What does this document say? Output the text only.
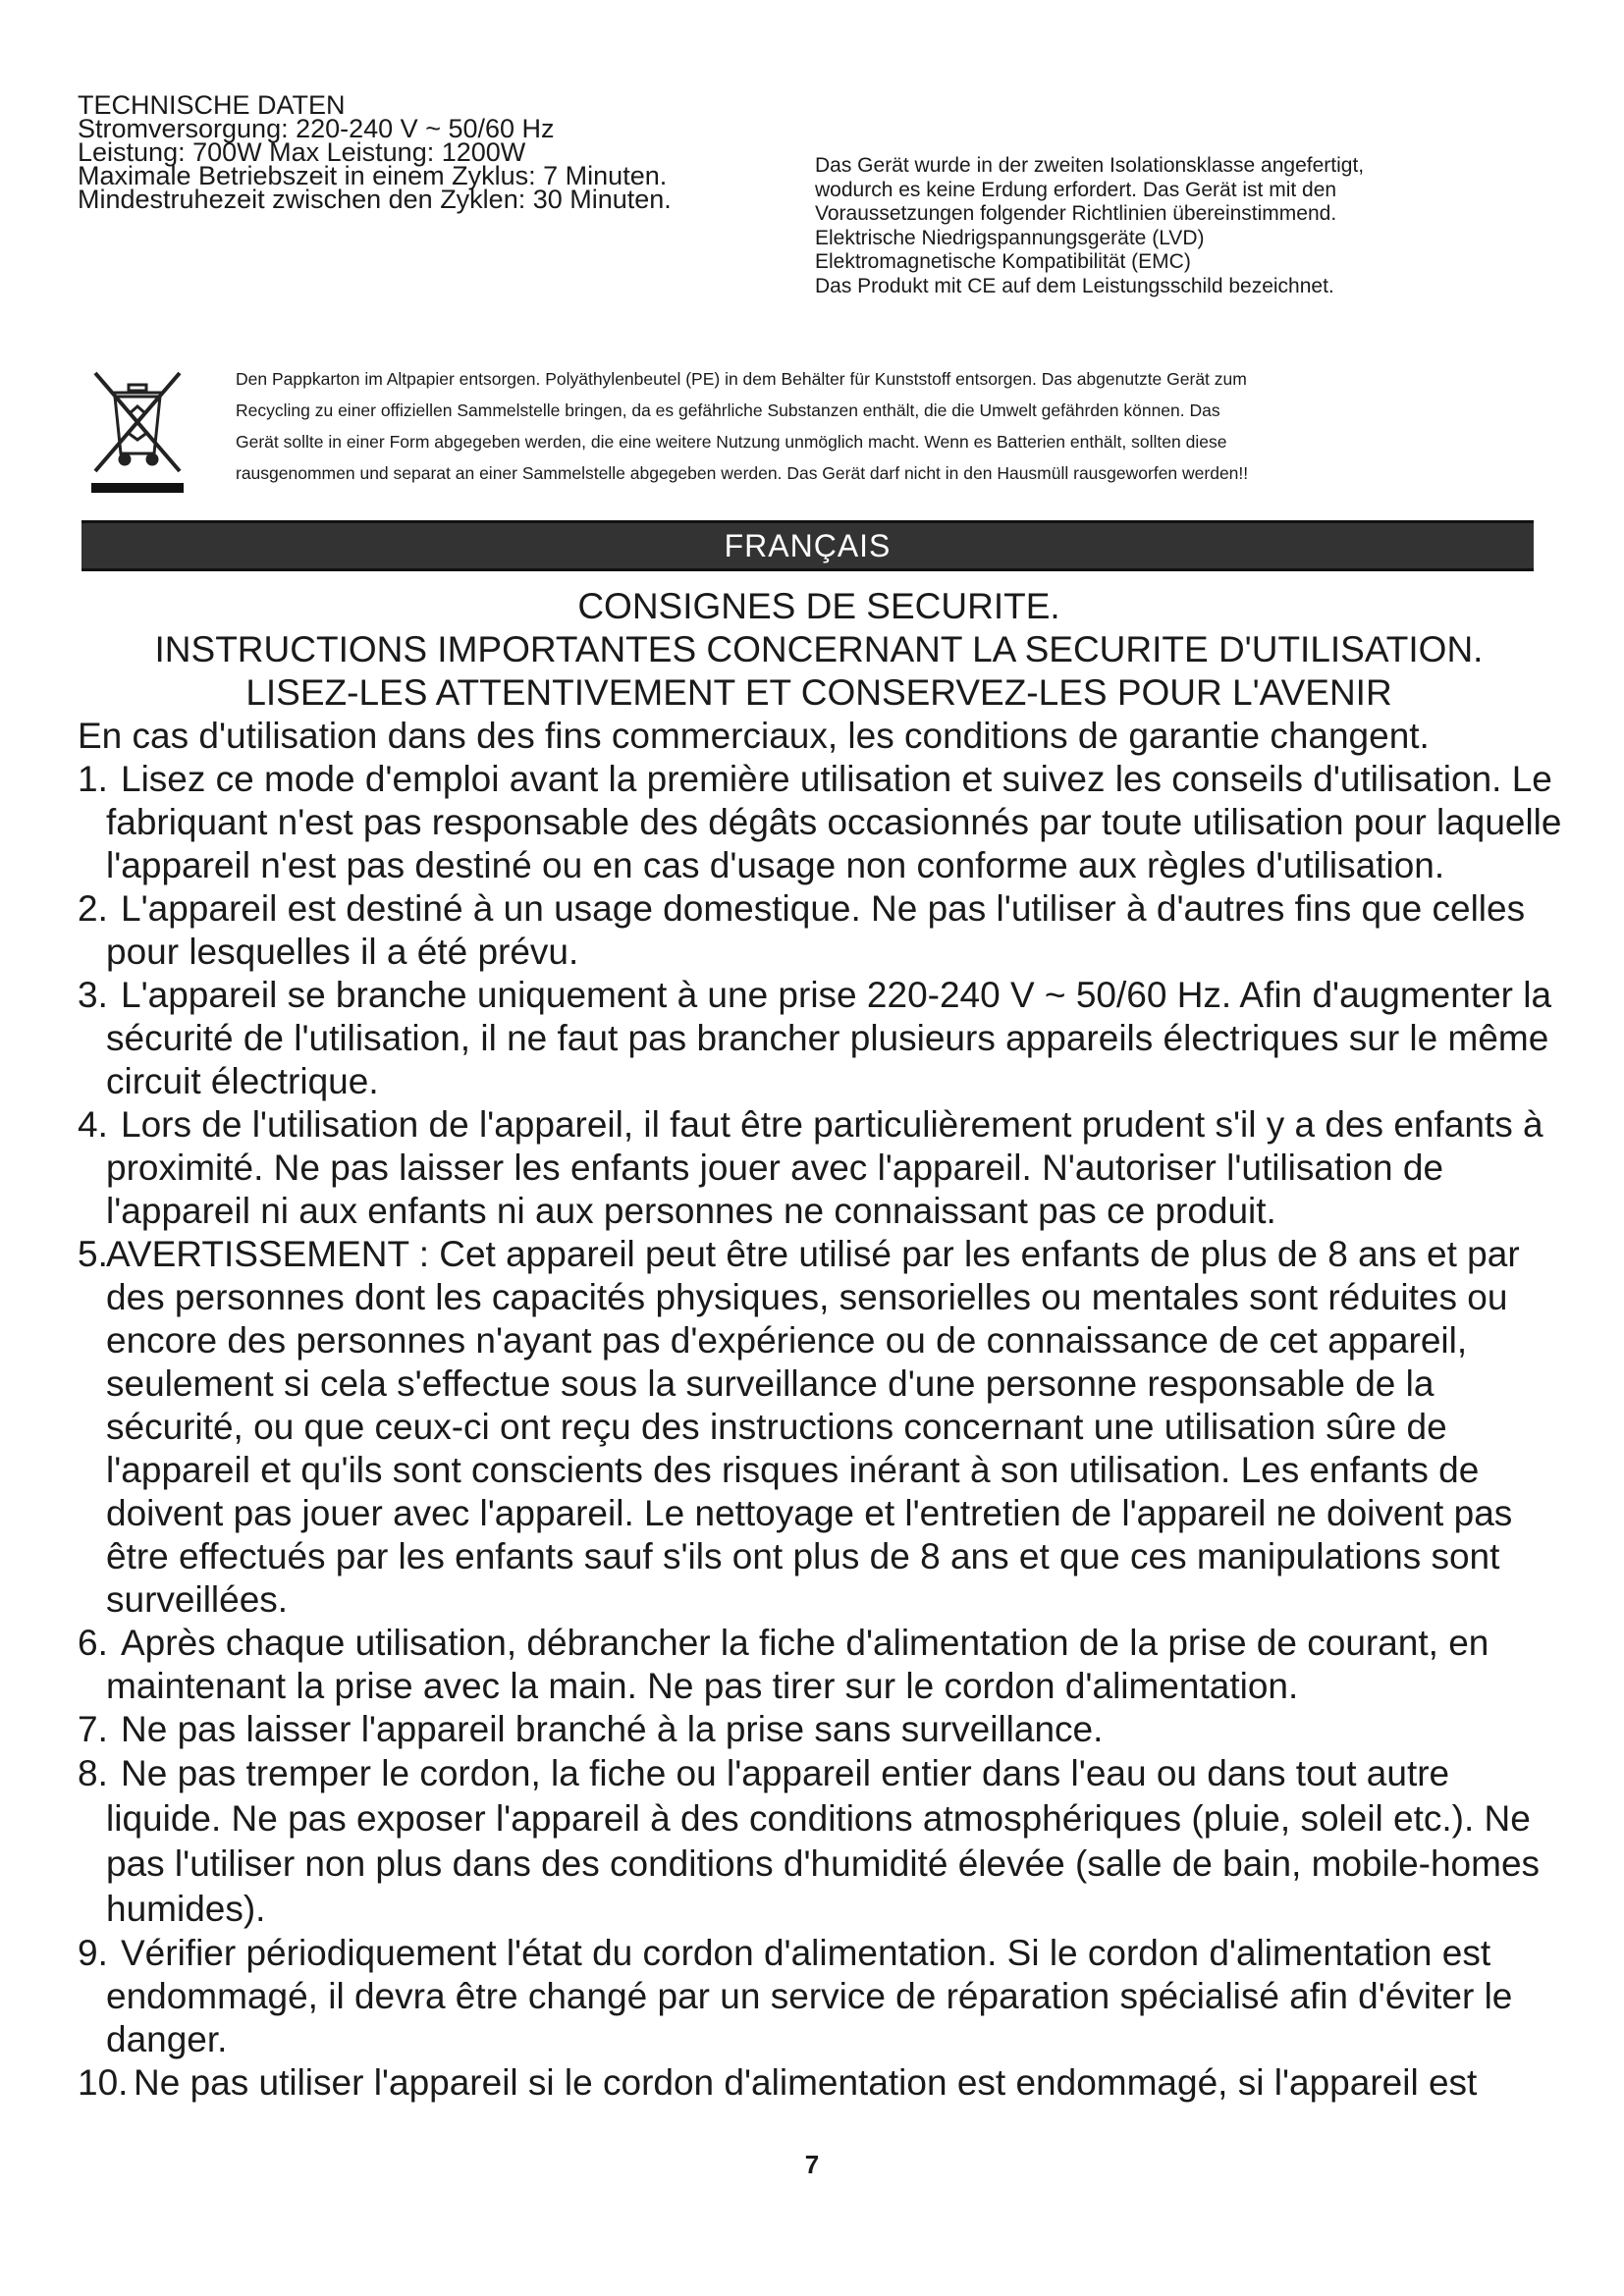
TECHNISCHE DATEN
Stromversorgung: 220-240 V ~ 50/60 Hz
Leistung: 700W Max Leistung: 1200W
Maximale Betriebszeit in einem Zyklus: 7 Minuten.
Mindestruhezeit zwischen den Zyklen: 30 Minuten.
Das Gerät wurde in der zweiten Isolationsklasse angefertigt,
wodurch es keine Erdung erfordert. Das Gerät ist mit den
Voraussetzungen folgender Richtlinien übereinstimmend.
Elektrische Niedrigspannungsgeräte (LVD)
Elektromagnetische Kompatibilität (EMC)
Das Produkt mit CE auf dem Leistungsschild bezeichnet.
Den Pappkarton im Altpapier entsorgen. Polyäthylenbeutel (PE) in dem Behälter für Kunststoff entsorgen. Das abgenutzte Gerät zum
Recycling zu einer offiziellen Sammelstelle bringen, da es gefährliche Substanzen enthält, die die Umwelt gefährden können. Das
Gerät sollte in einer Form abgegeben werden, die eine weitere Nutzung unmöglich macht. Wenn es Batterien enthält, sollten diese
rausgenommen und separat an einer Sammelstelle abgegeben werden. Das Gerät darf nicht in den Hausmüll rausgeworfen werden!!
FRANÇAIS
CONSIGNES DE SECURITE.
INSTRUCTIONS IMPORTANTES CONCERNANT LA SECURITE D'UTILISATION.
LISEZ-LES ATTENTIVEMENT ET CONSERVEZ-LES POUR L'AVENIR
En cas d'utilisation dans des fins commerciaux, les conditions de garantie changent.
1. Lisez ce mode d'emploi avant la première utilisation et suivez les conseils d'utilisation. Le
fabriquant n'est pas responsable des dégâts occasionnés par toute utilisation pour laquelle
l'appareil n'est pas destiné ou en cas d'usage non conforme aux règles d'utilisation.
2. L'appareil est destiné à un usage domestique. Ne pas l'utiliser à d'autres fins que celles
pour lesquelles il a été prévu.
3. L'appareil se branche uniquement à une prise 220-240 V ~ 50/60 Hz. Afin d'augmenter la
sécurité de l'utilisation, il ne faut pas brancher plusieurs appareils électriques sur le même
circuit électrique.
4. Lors de l'utilisation de l'appareil, il faut être particulièrement prudent s'il y a des enfants à
proximité. Ne pas laisser les enfants jouer avec l'appareil. N'autoriser l'utilisation de
l'appareil ni aux enfants ni aux personnes ne connaissant pas ce produit.
5.
AVERTISSEMENT : Cet appareil peut être utilisé par les enfants de plus de 8 ans et par
des personnes dont les capacités physiques, sensorielles ou mentales sont réduites ou
encore des personnes n'ayant pas d'expérience ou de connaissance de cet appareil,
seulement si cela s'effectue sous la surveillance d'une personne responsable de la
sécurité, ou que ceux-ci ont reçu des instructions concernant une utilisation sûre de
l'appareil et qu'ils sont conscients des risques inérant à son utilisation. Les enfants de
doivent pas jouer avec l'appareil. Le nettoyage et l'entretien de l'appareil ne doivent pas
être effectués par les enfants sauf s'ils ont plus de 8 ans et que ces manipulations sont
surveillées.
6. Après chaque utilisation, débrancher la fiche d'alimentation de la prise de courant, en
maintenant la prise avec la main. Ne pas tirer sur le cordon d'alimentation.
7. Ne pas laisser l'appareil branché à la prise sans surveillance.
8. Ne pas tremper le cordon, la fiche ou l'appareil entier dans l'eau ou dans tout autre
liquide. Ne pas exposer l'appareil à des conditions atmosphériques (pluie, soleil etc.). Ne
pas l'utiliser non plus dans des conditions d'humidité élevée (salle de bain, mobile-homes
humides).
9. Vérifier périodiquement l'état du cordon d'alimentation. Si le cordon d'alimentation est
endommagé, il devra être changé par un service de réparation spécialisé afin d'éviter le
danger.
10. Ne pas utiliser l'appareil si le cordon d'alimentation est endommagé, si l'appareil est
7
